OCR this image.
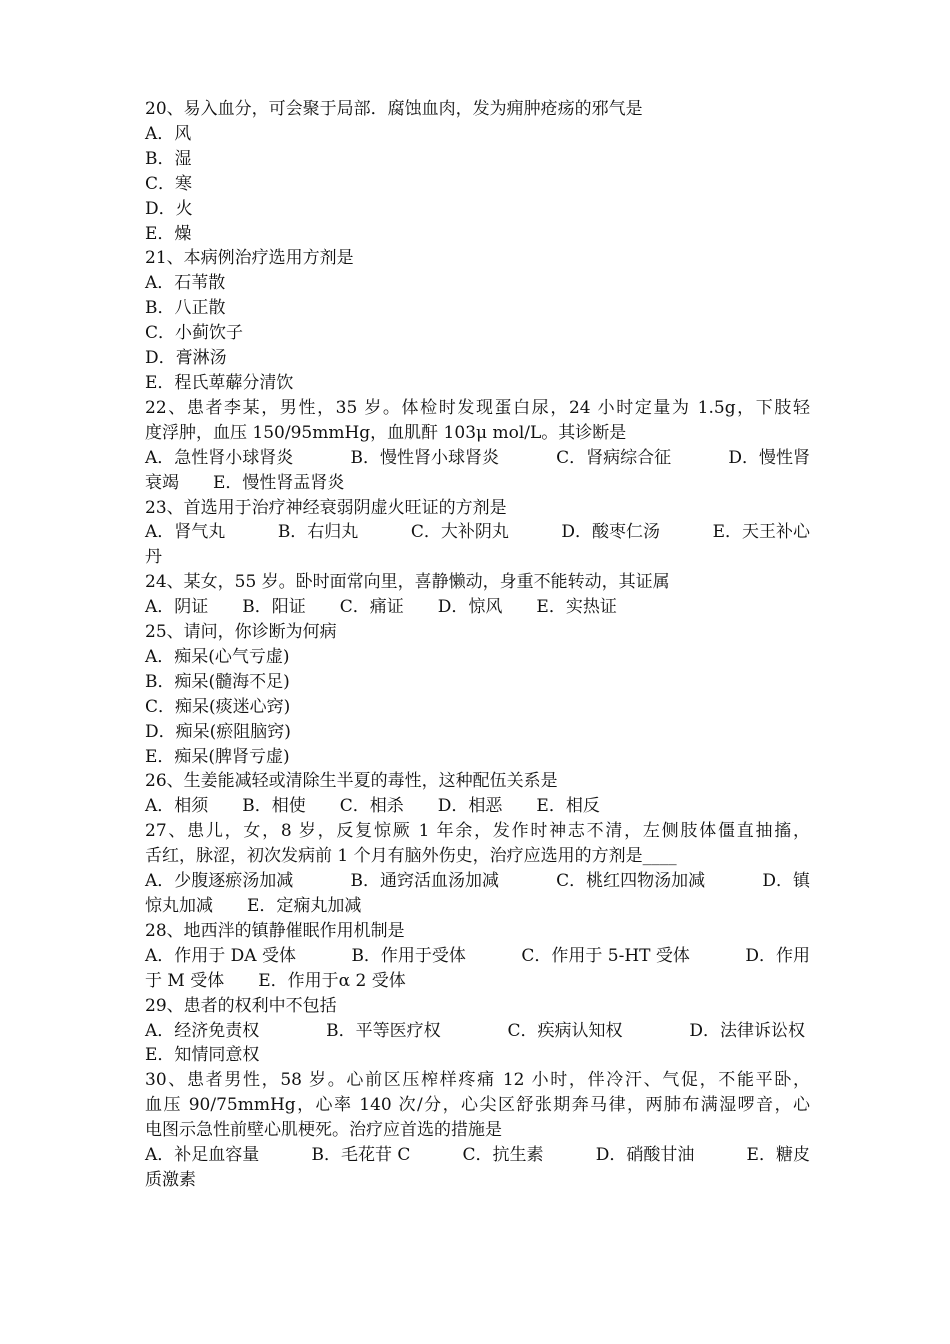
20、易入血分，可会聚于局部．腐蚀血肉，发为痈肿疮疡的邪气是
A．风
B．湿
C．寒
D．火
E．燥
21、本病例治疗选用方剂是
A．石苇散
B．八正散
C．小蓟饮子
D．膏淋汤
E．程氏萆薢分清饮
22、患者李某，男性，35 岁。体检时发现蛋白尿，24 小时定量为 1.5g，下肢轻
度浮肿，血压 150/95mmHg，血肌酐 103μ mol/L。其诊断是
A．急性肾小球肾炎	B．慢性肾小球肾炎	C．肾病综合征	D．慢性肾
衰竭　　E．慢性肾盂肾炎
23、首选用于治疗神经衰弱阴虚火旺证的方剂是
A．肾气丸	B．右归丸	C．大补阴丸	D．酸枣仁汤	E．天王补心
丹
24、某女，55 岁。卧时面常向里，喜静懒动，身重不能转动，其证属
A．阴证　　B．阳证　　C．痛证　　D．惊风　　E．实热证
25、请问，你诊断为何病
A．痴呆(心气亏虚)
B．痴呆(髓海不足)
C．痴呆(痰迷心窍)
D．痴呆(瘀阻脑窍)
E．痴呆(脾肾亏虚)
26、生姜能减轻或清除生半夏的毒性，这种配伍关系是
A．相须　　B．相使　　C．相杀　　D．相恶　　E．相反
27、患儿，女，8 岁，反复惊厥 1 年余，发作时神志不清，左侧肢体僵直抽搐，
舌红，脉涩，初次发病前 1 个月有脑外伤史，治疗应选用的方剂是____
A．少腹逐瘀汤加减	B．通窍活血汤加减	C．桃红四物汤加减	D．镇
惊丸加减　　E．定痫丸加减
28、地西泮的镇静催眠作用机制是
A．作用于 DA 受体	B．作用于受体	C．作用于 5-HT 受体	D．作用
于 M 受体　　E．作用于α 2 受体
29、患者的权利中不包括
A．经济免责权	B．平等医疗权	C．疾病认知权	D．法律诉讼权
E．知情同意权
30、患者男性，58 岁。心前区压榨样疼痛 12 小时，伴冷汗、气促，不能平卧，
血压 90/75mmHg，心率 140 次/分，心尖区舒张期奔马律，两肺布满湿啰音，心
电图示急性前壁心肌梗死。治疗应首选的措施是
A．补足血容量	B．毛花苷 C	C．抗生素	D．硝酸甘油	E．糖皮
质激素
